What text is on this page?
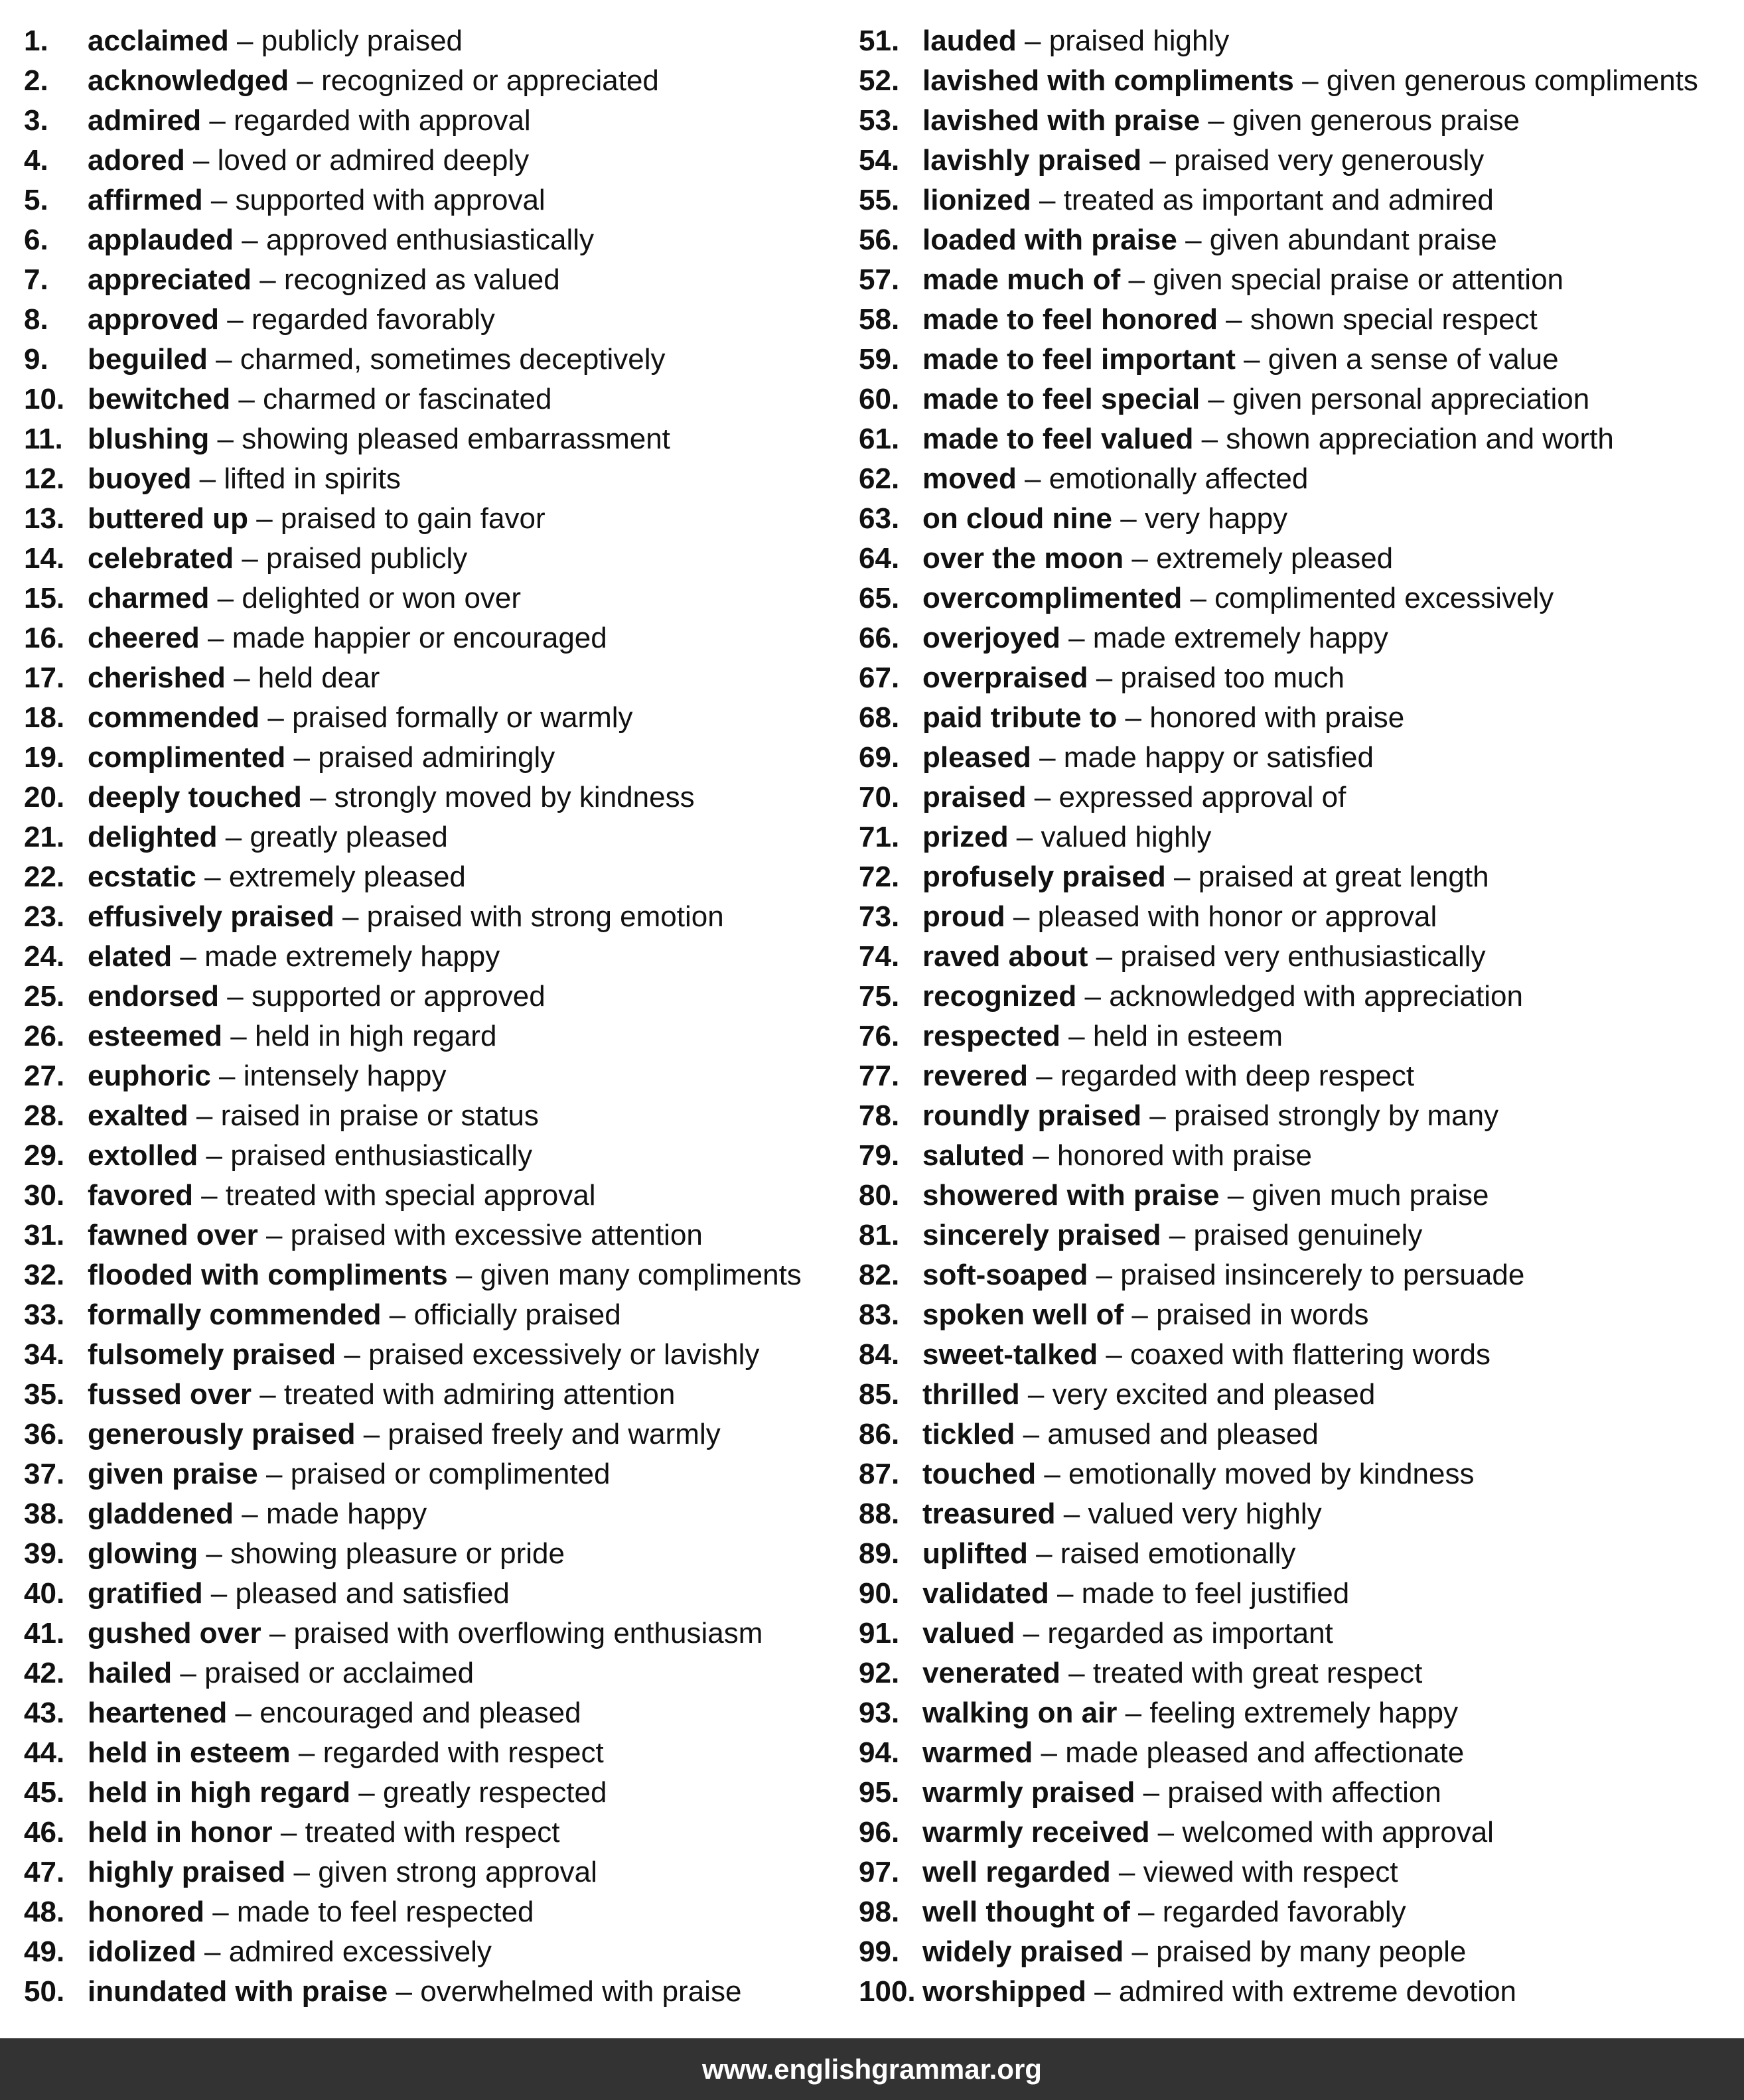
1. acclaimed – publicly praised
2. acknowledged – recognized or appreciated
3. admired – regarded with approval
4. adored – loved or admired deeply
5. affirmed – supported with approval
6. applauded – approved enthusiastically
7. appreciated – recognized as valued
8. approved – regarded favorably
9. beguiled – charmed, sometimes deceptively
10. bewitched – charmed or fascinated
11. blushing – showing pleased embarrassment
12. buoyed – lifted in spirits
13. buttered up – praised to gain favor
14. celebrated – praised publicly
15. charmed – delighted or won over
16. cheered – made happier or encouraged
17. cherished – held dear
18. commended – praised formally or warmly
19. complimented – praised admiringly
20. deeply touched – strongly moved by kindness
21. delighted – greatly pleased
22. ecstatic – extremely pleased
23. effusively praised – praised with strong emotion
24. elated – made extremely happy
25. endorsed – supported or approved
26. esteemed – held in high regard
27. euphoric – intensely happy
28. exalted – raised in praise or status
29. extolled – praised enthusiastically
30. favored – treated with special approval
31. fawned over – praised with excessive attention
32. flooded with compliments – given many compliments
33. formally commended – officially praised
34. fulsomely praised – praised excessively or lavishly
35. fussed over – treated with admiring attention
36. generously praised – praised freely and warmly
37. given praise – praised or complimented
38. gladdened – made happy
39. glowing – showing pleasure or pride
40. gratified – pleased and satisfied
41. gushed over – praised with overflowing enthusiasm
42. hailed – praised or acclaimed
43. heartened – encouraged and pleased
44. held in esteem – regarded with respect
45. held in high regard – greatly respected
46. held in honor – treated with respect
47. highly praised – given strong approval
48. honored – made to feel respected
49. idolized – admired excessively
50. inundated with praise – overwhelmed with praise
51. lauded – praised highly
52. lavished with compliments – given generous compliments
53. lavished with praise – given generous praise
54. lavishly praised – praised very generously
55. lionized – treated as important and admired
56. loaded with praise – given abundant praise
57. made much of – given special praise or attention
58. made to feel honored – shown special respect
59. made to feel important – given a sense of value
60. made to feel special – given personal appreciation
61. made to feel valued – shown appreciation and worth
62. moved – emotionally affected
63. on cloud nine – very happy
64. over the moon – extremely pleased
65. overcomplimented – complimented excessively
66. overjoyed – made extremely happy
67. overpraised – praised too much
68. paid tribute to – honored with praise
69. pleased – made happy or satisfied
70. praised – expressed approval of
71. prized – valued highly
72. profusely praised – praised at great length
73. proud – pleased with honor or approval
74. raved about – praised very enthusiastically
75. recognized – acknowledged with appreciation
76. respected – held in esteem
77. revered – regarded with deep respect
78. roundly praised – praised strongly by many
79. saluted – honored with praise
80. showered with praise – given much praise
81. sincerely praised – praised genuinely
82. soft-soaped – praised insincerely to persuade
83. spoken well of – praised in words
84. sweet-talked – coaxed with flattering words
85. thrilled – very excited and pleased
86. tickled – amused and pleased
87. touched – emotionally moved by kindness
88. treasured – valued very highly
89. uplifted – raised emotionally
90. validated – made to feel justified
91. valued – regarded as important
92. venerated – treated with great respect
93. walking on air – feeling extremely happy
94. warmed – made pleased and affectionate
95. warmly praised – praised with affection
96. warmly received – welcomed with approval
97. well regarded – viewed with respect
98. well thought of – regarded favorably
99. widely praised – praised by many people
100. worshipped – admired with extreme devotion
www.englishgrammar.org
